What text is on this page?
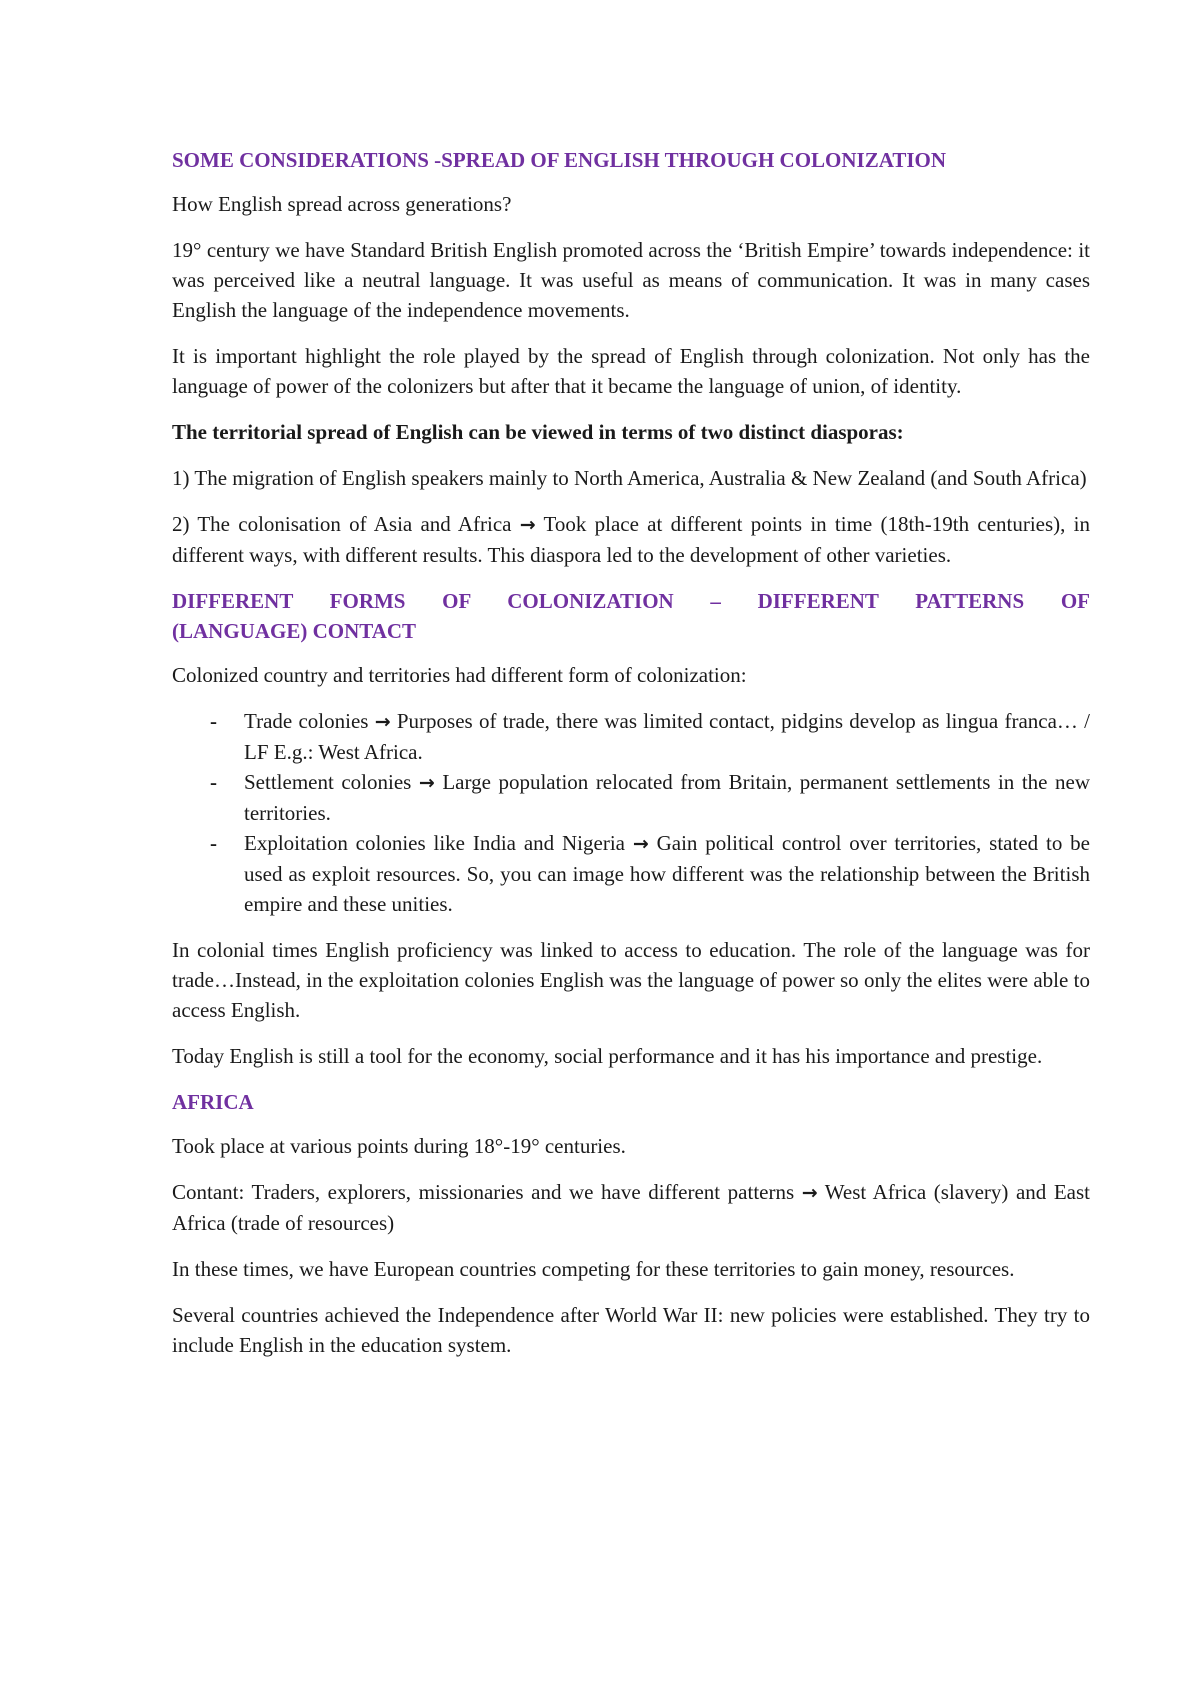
SOME CONSIDERATIONS -SPREAD OF ENGLISH THROUGH COLONIZATION

How English spread across generations?

19° century we have Standard British English promoted across the ‘British Empire’ towards independence: it was perceived like a neutral language. It was useful as means of communication. It was in many cases English the language of the independence movements.

It is important highlight the role played by the spread of English through colonization. Not only has the language of power of the colonizers but after that it became the language of union, of identity.

The territorial spread of English can be viewed in terms of two distinct diasporas:

1) The migration of English speakers mainly to North America, Australia & New Zealand (and South Africa)

2) The colonisation of Asia and Africa → Took place at different points in time (18th-19th centuries), in different ways, with different results. This diaspora led to the development of other varieties.

DIFFERENT FORMS OF COLONIZATION – DIFFERENT PATTERNS OF
(LANGUAGE) CONTACT

Colonized country and territories had different form of colonization:

- Trade colonies → Purposes of trade, there was limited contact, pidgins develop as lingua franca… / LF E.g.: West Africa.
- Settlement colonies → Large population relocated from Britain, permanent settlements in the new territories.
- Exploitation colonies like India and Nigeria → Gain political control over territories, stated to be used as exploit resources. So, you can image how different was the relationship between the British empire and these unities.

In colonial times English proficiency was linked to access to education. The role of the language was for trade…Instead, in the exploitation colonies English was the language of power so only the elites were able to access English.

Today English is still a tool for the economy, social performance and it has his importance and prestige.

AFRICA

Took place at various points during 18°-19° centuries.

Contant: Traders, explorers, missionaries and we have different patterns → West Africa (slavery) and East Africa (trade of resources)

In these times, we have European countries competing for these territories to gain money, resources.

Several countries achieved the Independence after World War II: new policies were established. They try to include English in the education system.
